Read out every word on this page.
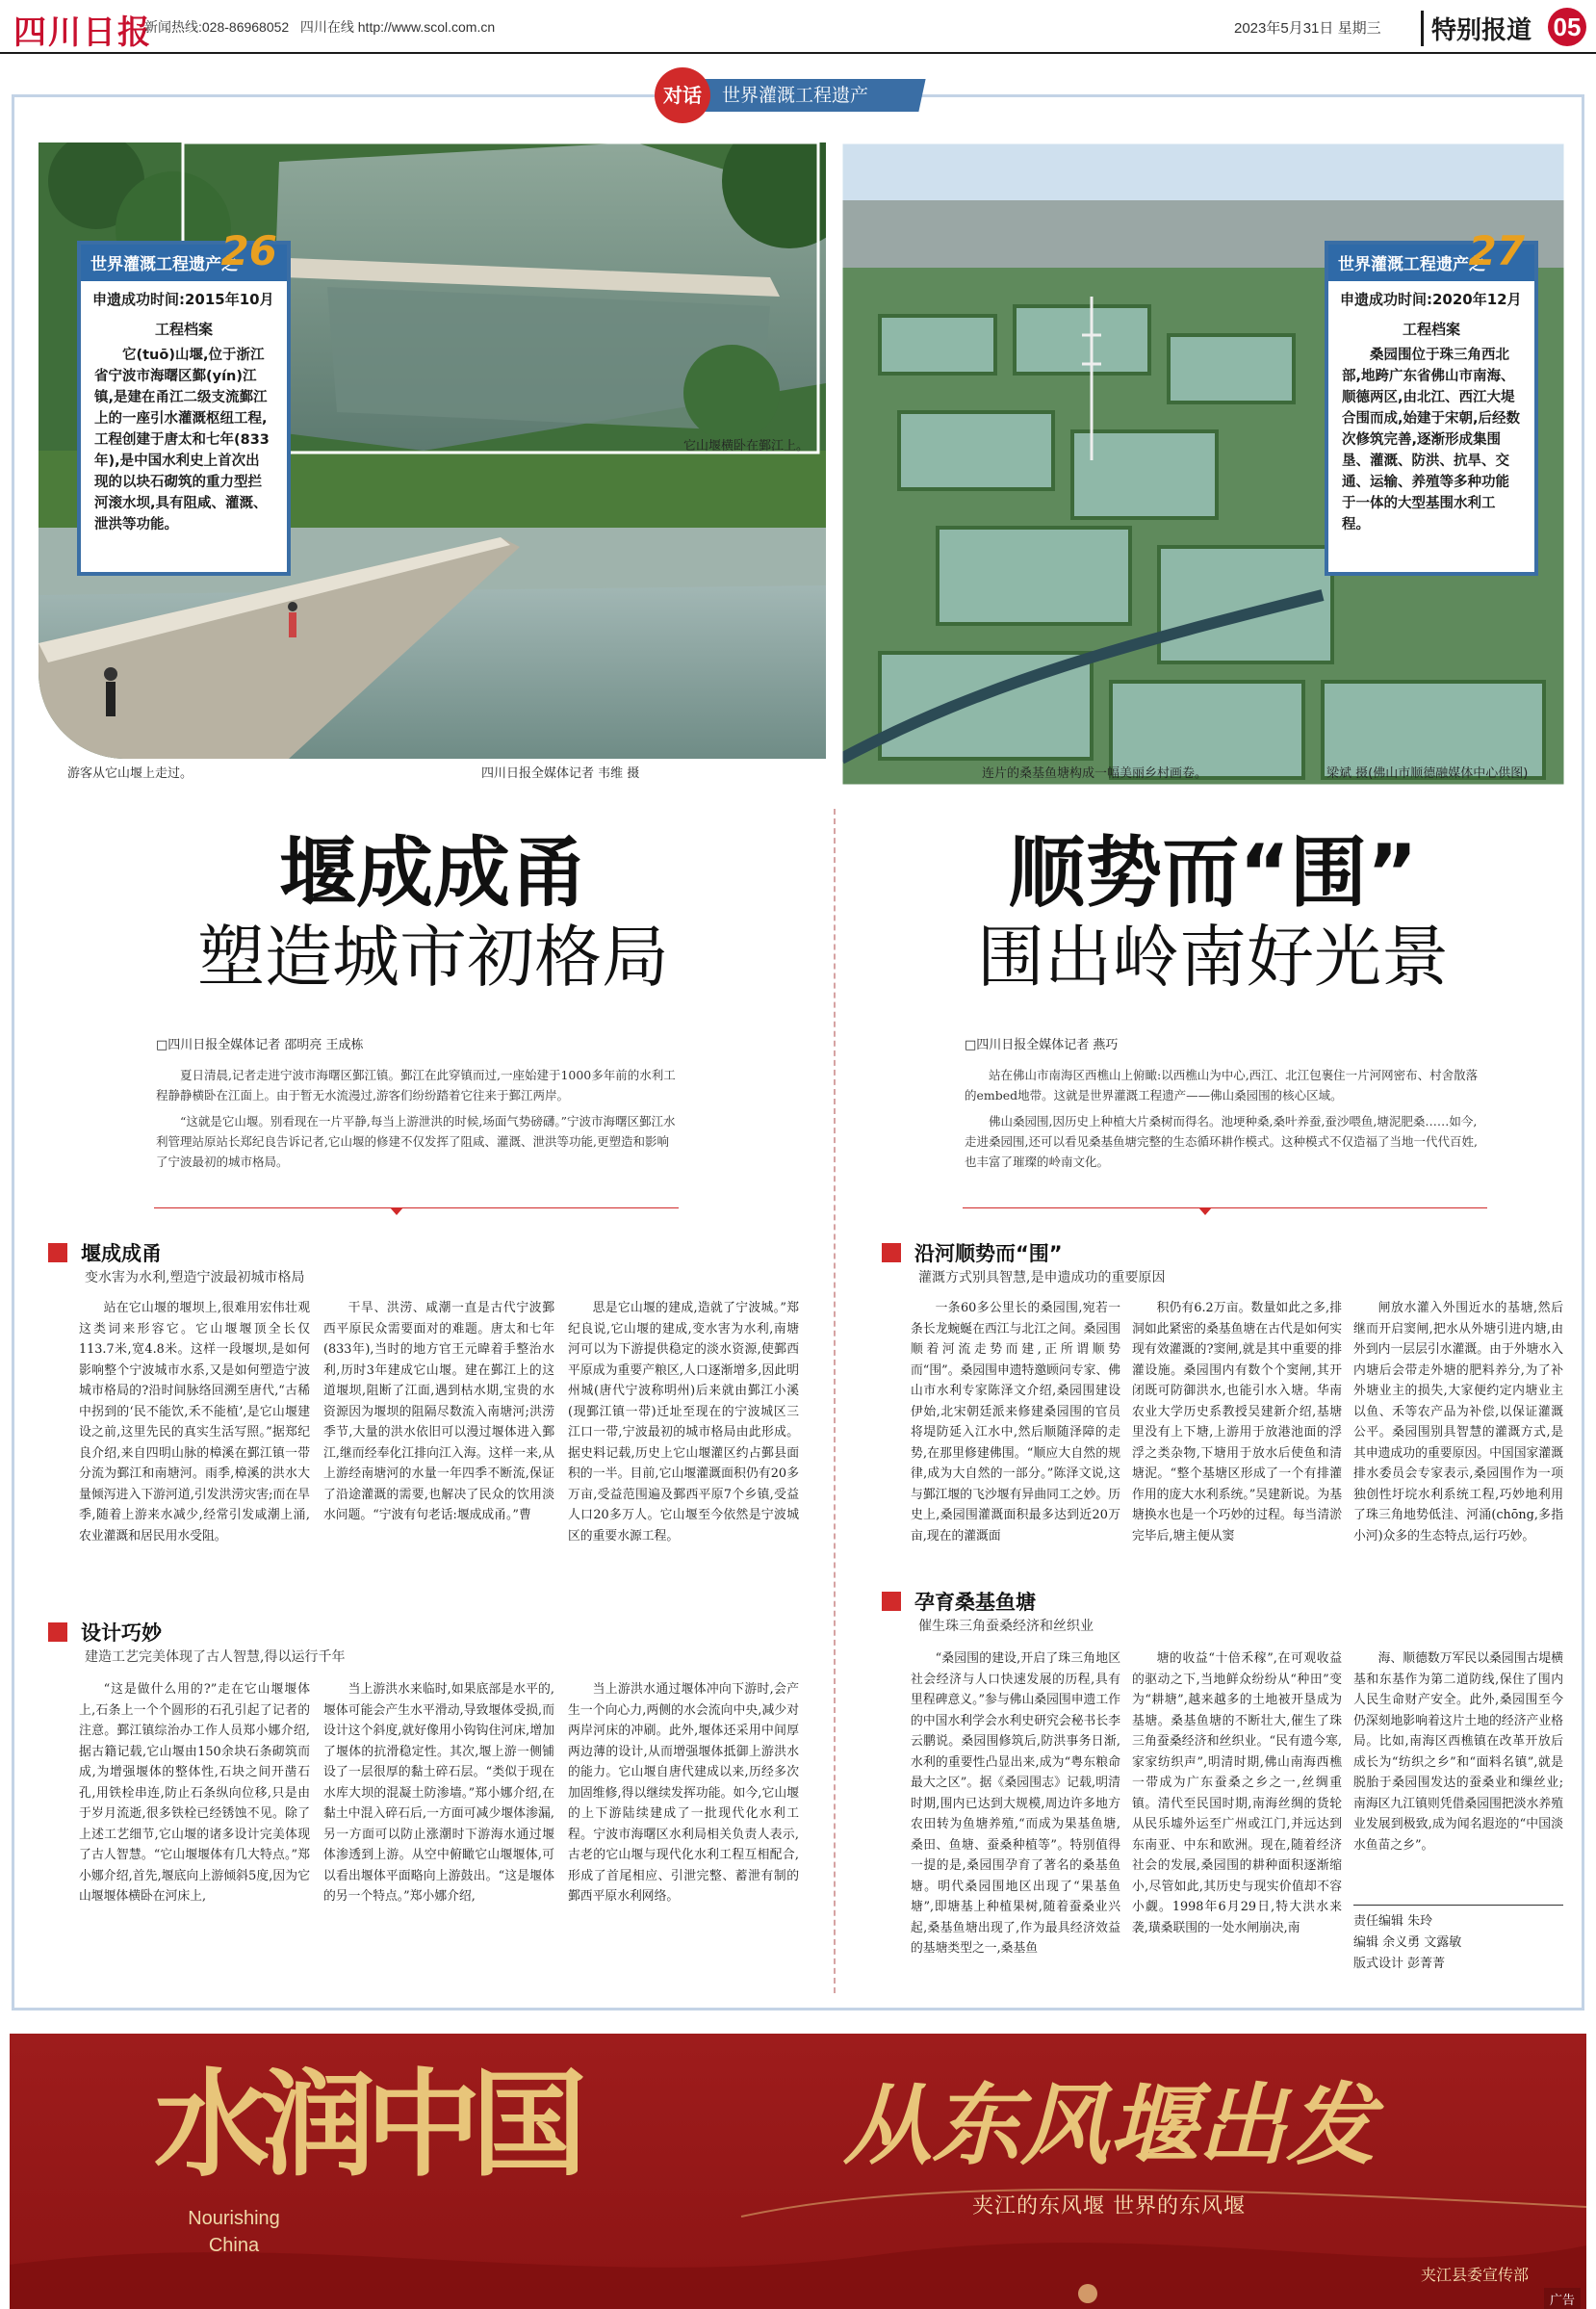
四川日报
新闻热线:028-86968052 四川在线 http://www.scol.com.cn	2023年5月31日 星期三	特别报道 05
世界灌溉工程遗产
对话
它山堰横卧在鄞江上。
游客从它山堰上走过。	四川日报全媒体记者 韦维 摄
世界灌溉工程遗产之
26
申遗成功时间:2015年10月
工程档案
它(tuō)山堰,位于浙江省宁波市海曙区鄞(yín)江镇,是建在甬江二级支流鄞江上的一座引水灌溉枢纽工程,工程创建于唐太和七年(833年),是中国水利史上首次出现的以块石砌筑的重力型拦河滚水坝,具有阻咸、灌溉、泄洪等功能。
连片的桑基鱼塘构成一幅美丽乡村画卷。	梁斌 摄(佛山市顺德融媒体中心供图)
世界灌溉工程遗产之
27
申遗成功时间:2020年12月
工程档案
桑园围位于珠三角西北部,地跨广东省佛山市南海、顺德两区,由北江、西江大堤合围而成,始建于宋朝,后经数次修筑完善,逐渐形成集围垦、灌溉、防洪、抗旱、交通、运输、养殖等多种功能于一体的大型基围水利工程。
堰成成甬
塑造城市初格局
□四川日报全媒体记者 邵明亮 王成栋

夏日清晨,记者走进宁波市海曙区鄞江镇。鄞江在此穿镇而过,一座始建于1000多年前的水利工程静静横卧在江面上。由于暂无水流漫过,游客们纷纷踏着它往来于鄞江两岸。

“这就是它山堰。别看现在一片平静,每当上游泄洪的时候,场面气势磅礴。”宁波市海曙区鄞江水利管理站原站长郑纪良告诉记者,它山堰的修建不仅发挥了阻咸、灌溉、泄洪等功能,更塑造和影响了宁波最初的城市格局。

堰成成甬
变水害为水利,塑造宁波最初城市格局

站在它山堰的堰坝上,很难用宏伟壮观这类词来形容它。它山堰堰顶全长仅113.7米,宽4.8米。这样一段堰坝,是如何影响整个宁波城市水系,又是如何塑造宁波城市格局的?沿时间脉络回溯至唐代,“古稀中拐到的‘民不能饮,禾不能植’,是它山堰建设之前,这里先民的真实生活写照。”据郑纪良介绍,来自四明山脉的樟溪在鄞江镇一带分流为鄞江和南塘河。雨季,樟溪的洪水大量倾泻进入下游河道,引发洪涝灾害;而在旱季,随着上游来水减少,经常引发咸潮上涌,农业灌溉和居民用水受阻。

干旱、洪涝、咸潮一直是古代宁波鄞西平原民众需要面对的难题。唐太和七年(833年),当时的地方官王元暐着手整治水利,历时3年建成它山堰。建在鄞江上的这道堰坝,阻断了江面,遇到枯水期,宝贵的水资源因为堰坝的阻隔尽数流入南塘河;洪涝季节,大量的洪水依旧可以漫过堰体进入鄞江,继而经奉化江排向江入海。这样一来,从上游经南塘河的水量一年四季不断流,保证了沿途灌溉的需要,也解决了民众的饮用淡水问题。“宁波有句老话:堰成成甬。”曹

思是它山堰的建成,造就了宁波城。”郑纪良说,它山堰的建成,变水害为水利,南塘河可以为下游提供稳定的淡水资源,使鄞西平原成为重要产粮区,人口逐渐增多,因此明州城(唐代宁波称明州)后来就由鄞江小溪(现鄞江镇一带)迁址至现在的宁波城区三江口一带,宁波最初的城市格局由此形成。据史料记载,历史上它山堰灌区约占鄞县面积的一半。目前,它山堰灌溉面积仍有20多万亩,受益范围遍及鄞西平原7个乡镇,受益人口20多万人。它山堰至今依然是宁波城区的重要水源工程。

设计巧妙
建造工艺完美体现了古人智慧,得以运行千年

“这是做什么用的?”走在它山堰堰体上,石条上一个个圆形的石孔引起了记者的注意。鄞江镇综治办工作人员郑小娜介绍,据古籍记载,它山堰由150余块石条砌筑而成,为增强堰体的整体性,石块之间开凿石孔,用铁栓串连,防止石条纵向位移,只是由于岁月流逝,很多铁栓已经锈蚀不见。除了上述工艺细节,它山堰的诸多设计完美体现了古人智慧。“它山堰堰体有几大特点。”郑小娜介绍,首先,堰底向上游倾斜5度,因为它山堰堰体横卧在河床上,

当上游洪水来临时,如果底部是水平的,堰体可能会产生水平滑动,导致堰体受损,而设计这个斜度,就好像用小钩钩住河床,增加了堰体的抗滑稳定性。其次,堰上游一侧铺设了一层很厚的黏土碎石层。“类似于现在水库大坝的混凝土防渗墙。”郑小娜介绍,在黏土中混入碎石后,一方面可减少堰体渗漏,另一方面可以防止涨潮时下游海水通过堰体渗透到上游。从空中俯瞰它山堰堰体,可以看出堰体平面略向上游鼓出。“这是堰体的另一个特点。”郑小娜介绍,

当上游洪水通过堰体冲向下游时,会产生一个向心力,两侧的水会流向中央,减少对两岸河床的冲刷。此外,堰体还采用中间厚两边薄的设计,从而增强堰体抵御上游洪水的能力。它山堰自唐代建成以来,历经多次加固维修,得以继续发挥功能。如今,它山堰的上下游陆续建成了一批现代化水利工程。宁波市海曙区水利局相关负责人表示,古老的它山堰与现代化水利工程互相配合,形成了首尾相应、引泄完整、蓄泄有制的鄞西平原水利网络。

顺势而“围”
围出岭南好光景
□四川日报全媒体记者 燕巧

站在佛山市南海区西樵山上俯瞰:以西樵山为中心,西江、北江包裹住一片河网密布、村舍散落的embed地带。这就是世界灌溉工程遗产——佛山桑园围的核心区域。

佛山桑园围,因历史上种植大片桑树而得名。池埂种桑,桑叶养蚕,蚕沙喂鱼,塘泥肥桑……如今,走进桑园围,还可以看见桑基鱼塘完整的生态循环耕作模式。这种模式不仅造福了当地一代代百姓,也丰富了璀璨的岭南文化。

沿河顺势而“围”
灌溉方式别具智慧,是申遗成功的重要原因

一条60多公里长的桑园围,宛若一条长龙蜿蜒在西江与北江之间。桑园围顺着河流走势而建,正所谓顺势而“围”。桑园围申遗特邀顾问专家、佛山市水利专家陈泽文介绍,桑园围建设伊始,北宋朝廷派来修建桑园围的官员将堤防延入江水中,然后顺随泽障的走势,在那里修建佛围。“顺应大自然的规律,成为大自然的一部分。”陈泽文说,这与鄞江堰的飞沙堰有异曲同工之妙。历史上,桑园围灌溉面积最多达到近20万亩,现在的灌溉面

积仍有6.2万亩。数量如此之多,排洞如此紧密的桑基鱼塘在古代是如何实现有效灌溉的?窦闸,就是其中重要的排灌设施。桑园围内有数个个窦闸,其开闭既可防御洪水,也能引水入塘。华南农业大学历史系教授吴建新介绍,基塘里没有上下塘,上游用于放港池面的浮浮之类杂物,下塘用于放水后使鱼和清塘泥。“整个基塘区形成了一个有排灌作用的庞大水利系统。”吴建新说。为基塘换水也是一个巧妙的过程。每当清淤完毕后,塘主便从窦

闸放水灌入外围近水的基塘,然后继而开启窦闸,把水从外塘引进内塘,由外到内一层层引水灌溉。由于外塘水入内塘后会带走外塘的肥料养分,为了补外塘业主的损失,大家便约定内塘业主以鱼、禾等农产品为补偿,以保证灌溉公平。桑园围别具智慧的灌溉方式,是其申遗成功的重要原因。中国国家灌溉排水委员会专家表示,桑园围作为一项独创性圩垸水利系统工程,巧妙地利用了珠三角地势低洼、河涌(chōng,多指小河)众多的生态特点,运行巧妙。

孕育桑基鱼塘
催生珠三角蚕桑经济和丝织业

“桑园围的建设,开启了珠三角地区社会经济与人口快速发展的历程,具有里程碑意义。”参与佛山桑园围申遗工作的中国水利学会水利史研究会秘书长李云鹏说。桑园围修筑后,防洪事务日渐,水利的重要性凸显出来,成为“粤东粮命最大之区”。据《桑园围志》记载,明清时期,围内已达到大规模,周边许多地方农田转为鱼塘养殖,“而成为果基鱼塘,桑田、鱼塘、蚕桑种植等”。特别值得一提的是,桑园围孕育了著名的桑基鱼塘。明代桑园围地区出现了“果基鱼塘”,即塘基上种植果树,随着蚕桑业兴起,桑基鱼塘出现了,作为最具经济效益的基塘类型之一,桑基鱼

塘的收益“十倍禾稼”,在可观收益的驱动之下,当地鲜众纷纷从“种田”变为“耕塘”,越来越多的土地被开垦成为基塘。桑基鱼塘的不断壮大,催生了珠三角蚕桑经济和丝织业。“民有遗今寒,家家纺织声”,明清时期,佛山南海西樵一带成为广东蚕桑之乡之一,丝绸重镇。清代至民国时期,南海丝绸的货轮从民乐墟外运至广州或江门,并远达到东南亚、中东和欧洲。现在,随着经济社会的发展,桑园围的耕种面积逐渐缩小,尽管如此,其历史与现实价值却不容小觑。1998年6月29日,特大洪水来袭,璜桑联围的一处水闸崩决,南

海、顺德数万军民以桑园围古堤横基和东基作为第二道防线,保住了围内人民生命财产安全。此外,桑园围至今仍深刻地影响着这片土地的经济产业格局。比如,南海区西樵镇在改革开放后成长为“纺织之乡”和“面料名镇”,就是脱胎于桑园围发达的蚕桑业和缫丝业;南海区九江镇则凭借桑园围把淡水养殖业发展到极致,成为闻名遐迩的“中国淡水鱼苗之乡”。

责任编辑 朱玲
编辑 余义勇 文露敏
版式设计 彭菁菁
水润中国
Nourishing
China
从东风堰出发
夹江的东风堰 世界的东风堰
夹江县委宣传部
广告
